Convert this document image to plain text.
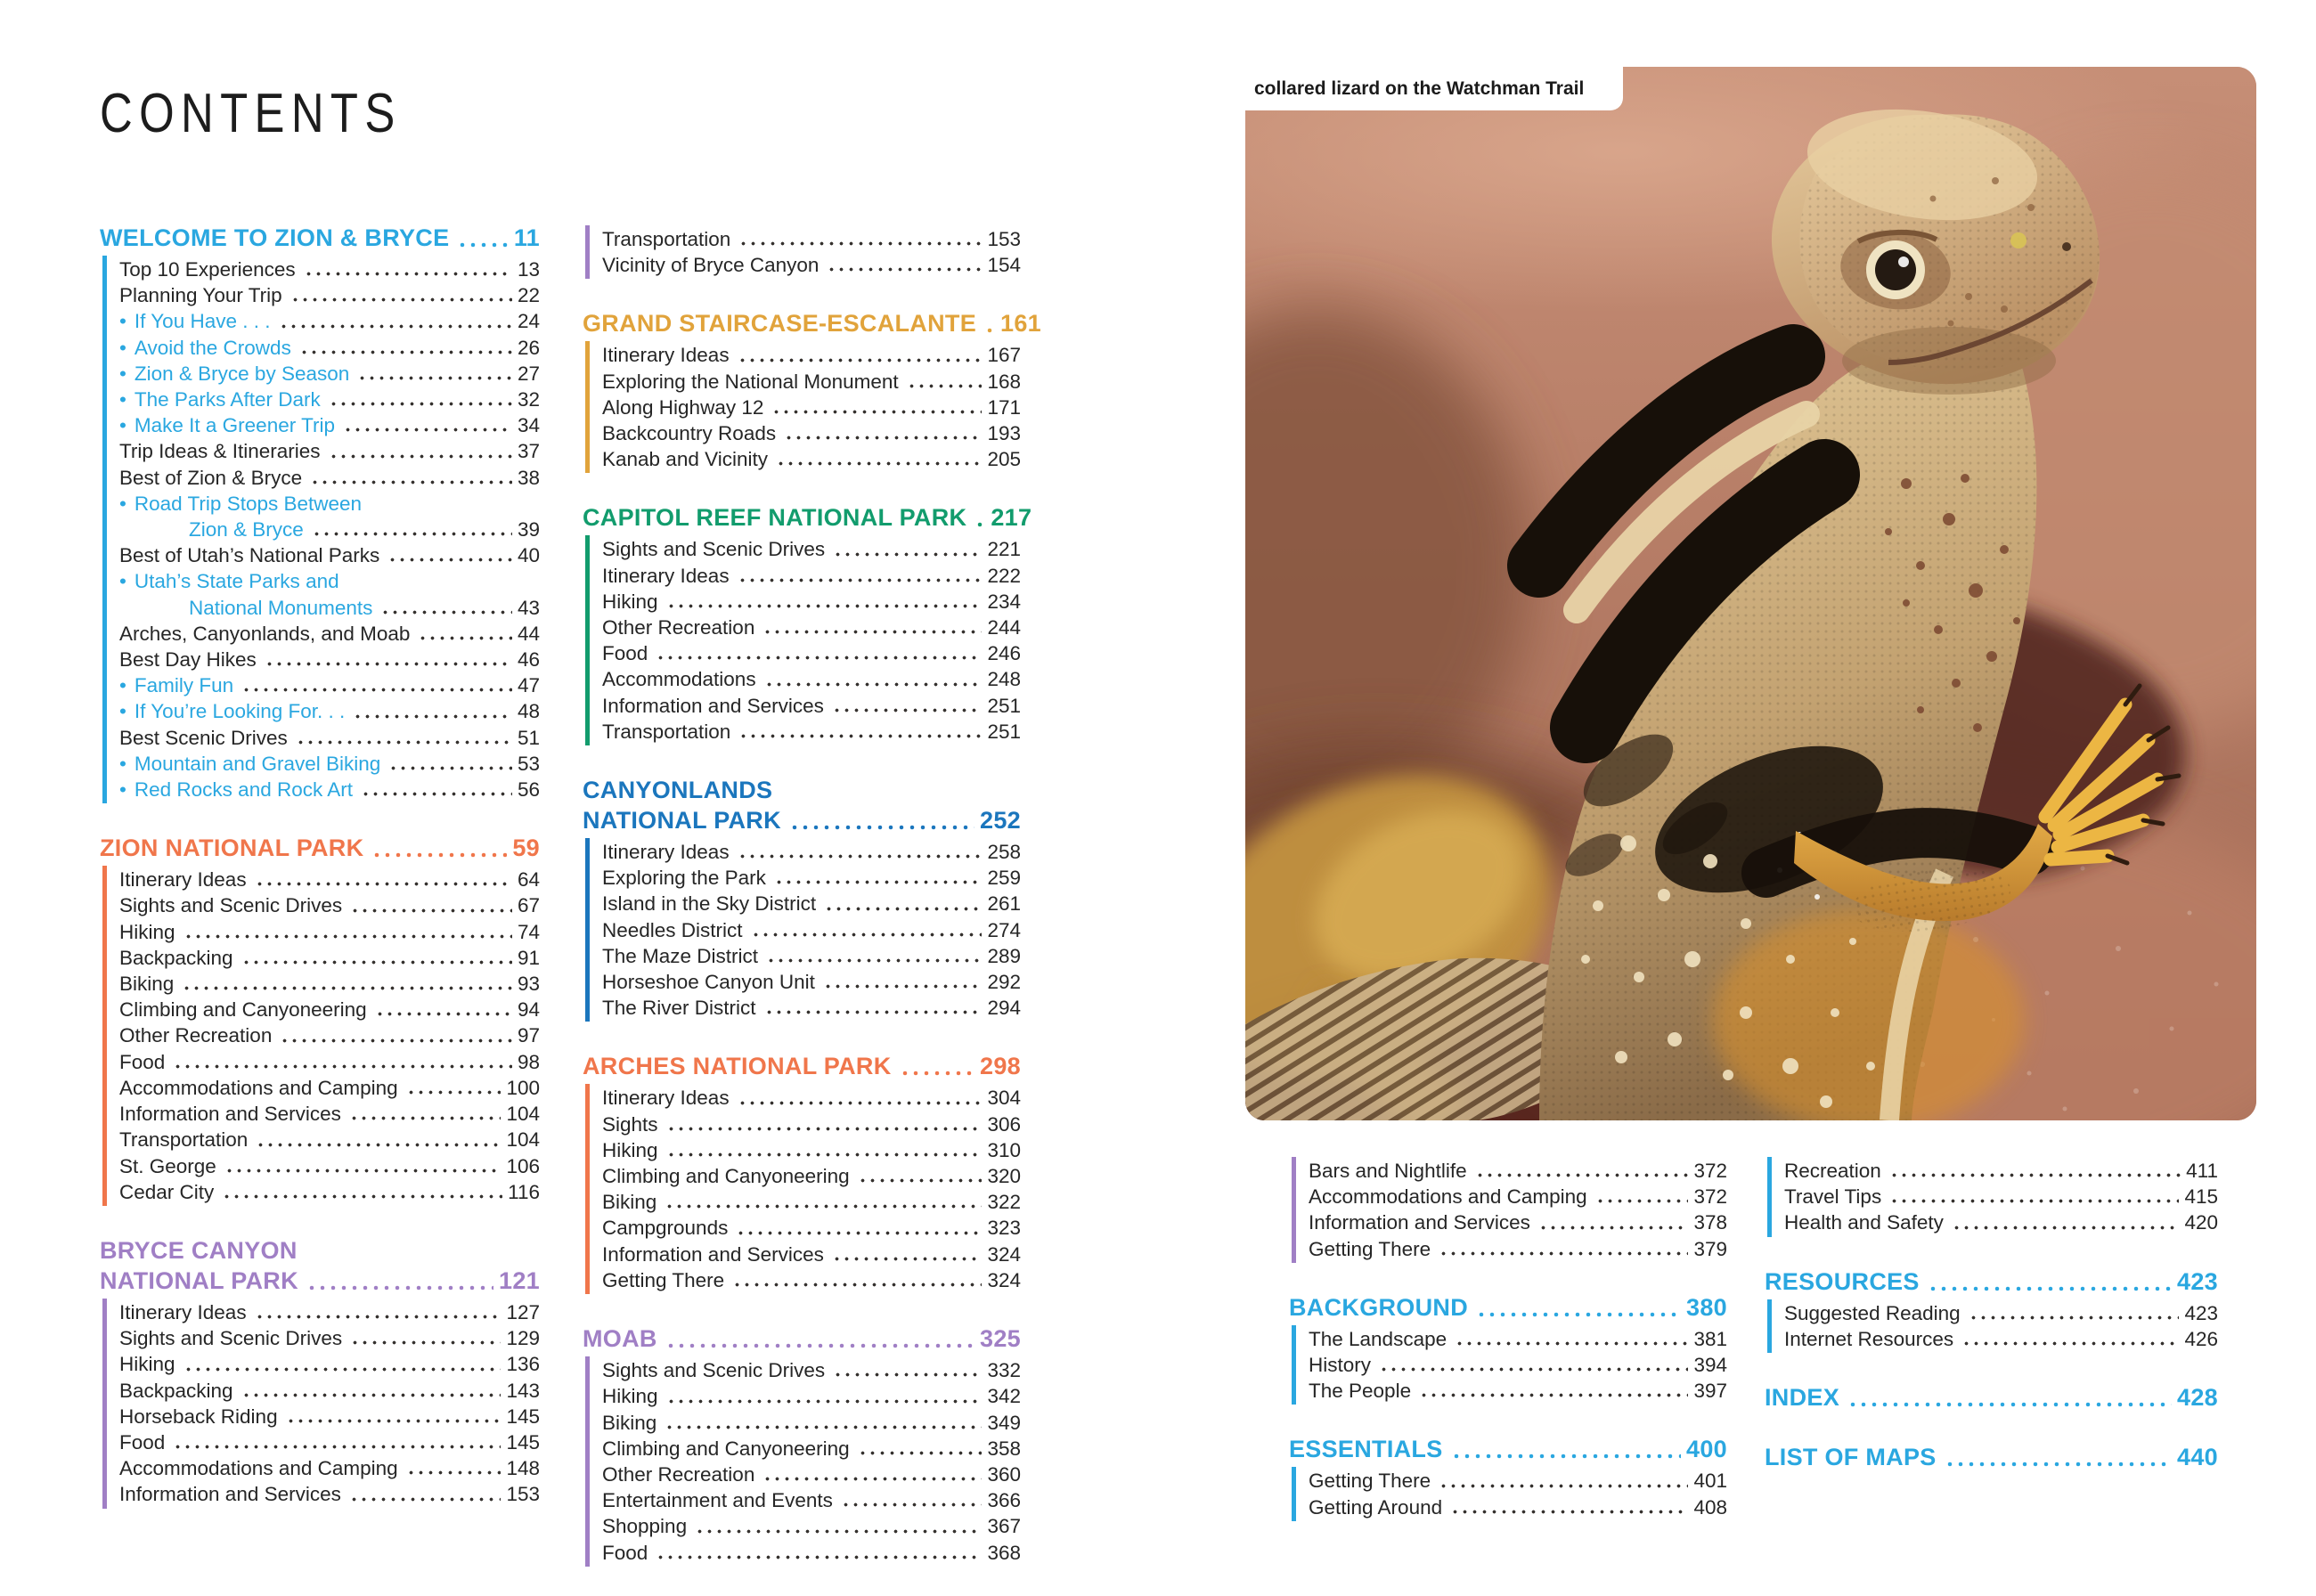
CONTENTS
WELCOME TO ZION & BRYCE	11
Top 10 Experiences	13
Planning Your Trip	22
• If You Have . . .	24
• Avoid the Crowds	26
• Zion & Bryce by Season	27
• The Parks After Dark	32
• Make It a Greener Trip	34
Trip Ideas & Itineraries	37
Best of Zion & Bryce	38
• Road Trip Stops Between
Zion & Bryce	39
Best of Utah’s National Parks	40
• Utah’s State Parks and
National Monuments	43
Arches, Canyonlands, and Moab	44
Best Day Hikes	46
• Family Fun	47
• If You’re Looking For. . .	48
Best Scenic Drives	51
• Mountain and Gravel Biking	53
• Red Rocks and Rock Art	56
ZION NATIONAL PARK	59
Itinerary Ideas	64
Sights and Scenic Drives	67
Hiking	74
Backpacking	91
Biking	93
Climbing and Canyoneering	94
Other Recreation	97
Food	98
Accommodations and Camping	100
Information and Services	104
Transportation	104
St. George	106
Cedar City	116
BRYCE CANYON
NATIONAL PARK	121
Itinerary Ideas	127
Sights and Scenic Drives	129
Hiking	136
Backpacking	143
Horseback Riding	145
Food	145
Accommodations and Camping	148
Information and Services	153
Transportation	153
Vicinity of Bryce Canyon	154
GRAND STAIRCASE-ESCALANTE 161
Itinerary Ideas	167
Exploring the National Monument	168
Along Highway 12	171
Backcountry Roads	193
Kanab and Vicinity	205
CAPITOL REEF NATIONAL PARK 217
Sights and Scenic Drives	221
Itinerary Ideas	222
Hiking	234
Other Recreation	244
Food	246
Accommodations	248
Information and Services	251
Transportation	251
CANYONLANDS
NATIONAL PARK	252
Itinerary Ideas	258
Exploring the Park	259
Island in the Sky District	261
Needles District	274
The Maze District	289
Horseshoe Canyon Unit	292
The River District	294
ARCHES NATIONAL PARK	298
Itinerary Ideas	304
Sights	306
Hiking	310
Climbing and Canyoneering	320
Biking	322
Campgrounds	323
Information and Services	324
Getting There	324
MOAB	325
Sights and Scenic Drives	332
Hiking	342
Biking	349
Climbing and Canyoneering	358
Other Recreation	360
Entertainment and Events	366
Shopping	367
Food	368
collared lizard on the Watchman Trail
Bars and Nightlife	372
Accommodations and Camping	372
Information and Services	378
Getting There	379
BACKGROUND	380
The Landscape	381
History	394
The People	397
ESSENTIALS	400
Getting There	401
Getting Around	408
Recreation	411
Travel Tips	415
Health and Safety	420
RESOURCES	423
Suggested Reading	423
Internet Resources	426
INDEX	428
LIST OF MAPS	440
